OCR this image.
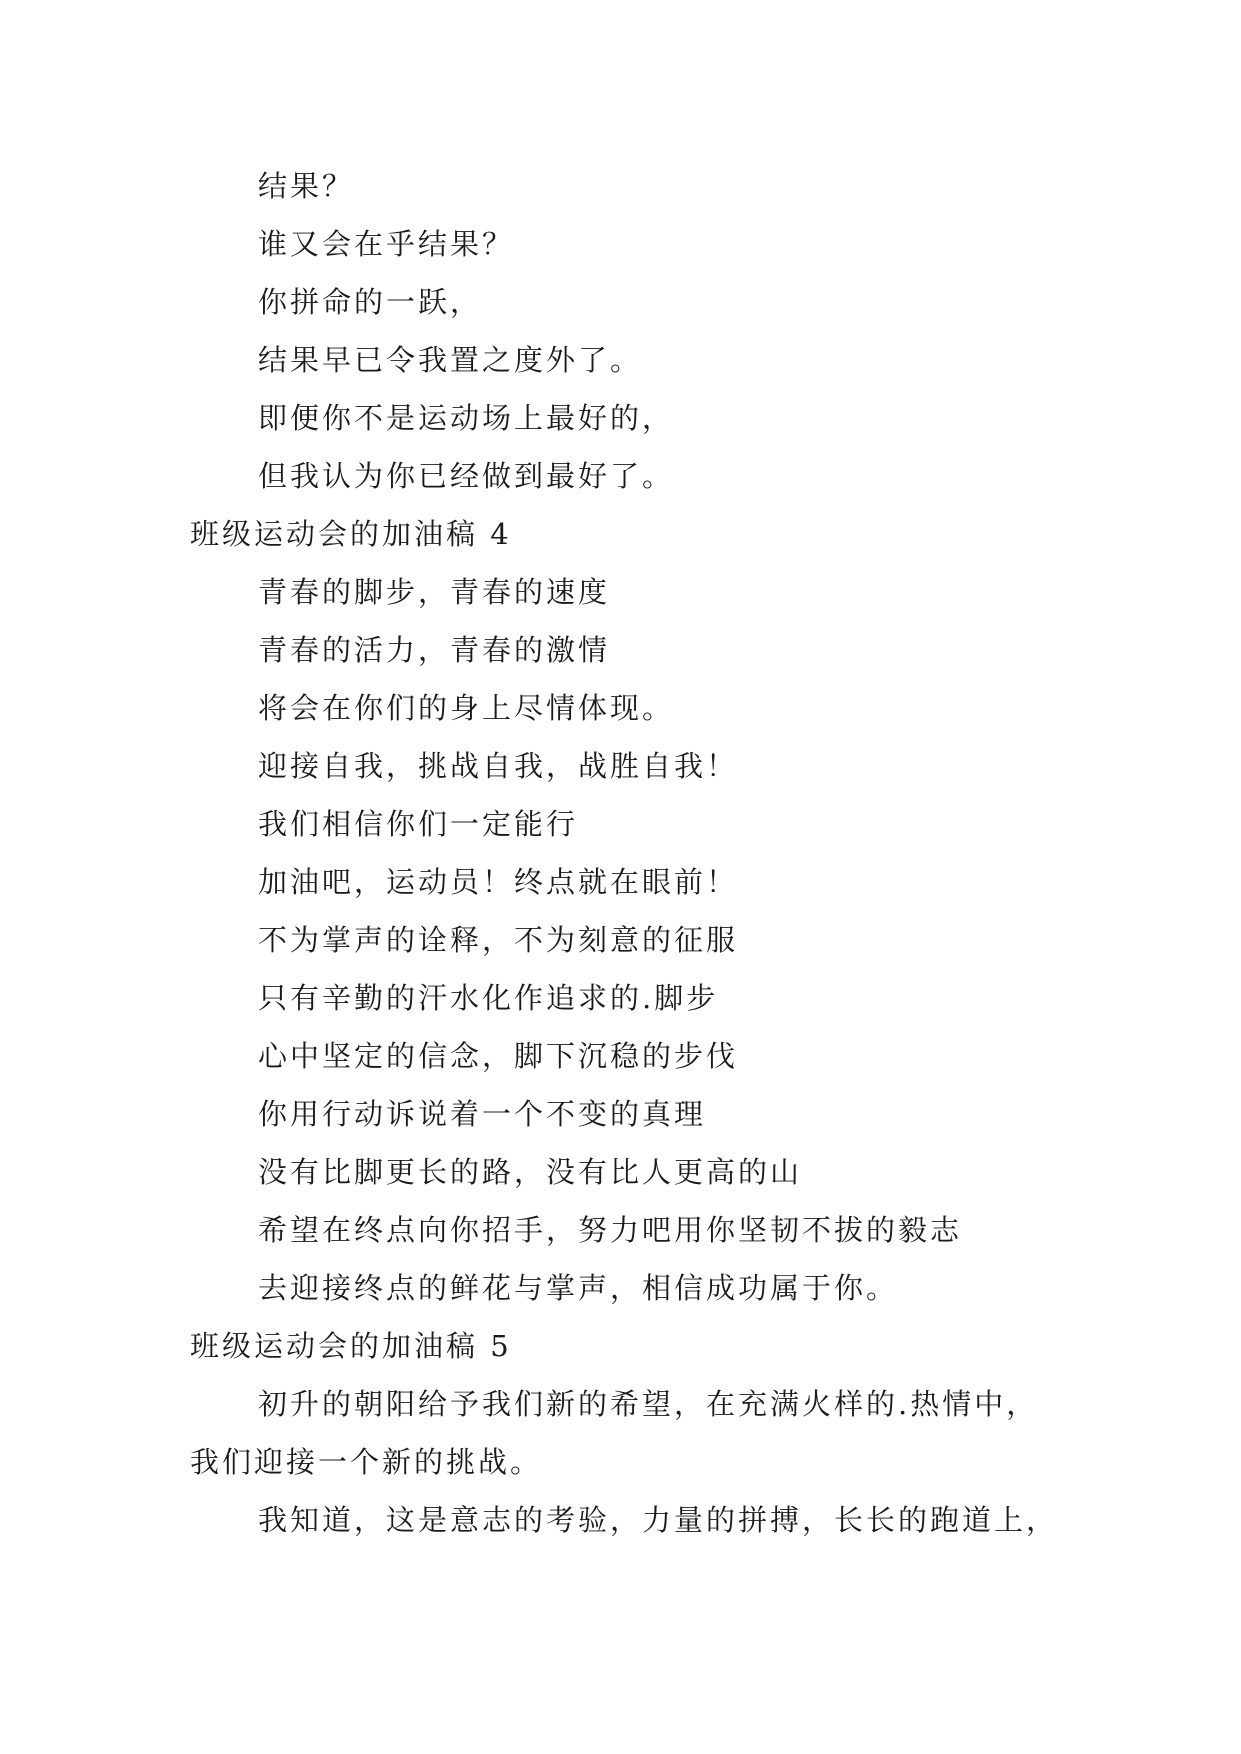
结果？
谁又会在乎结果？
你拼命的一跃，
结果早已令我置之度外了。
即便你不是运动场上最好的，
但我认为你已经做到最好了。
班级运动会的加油稿 4
青春的脚步，青春的速度
青春的活力，青春的激情
将会在你们的身上尽情体现。
迎接自我，挑战自我，战胜自我！
我们相信你们一定能行
加油吧，运动员！终点就在眼前！
不为掌声的诠释，不为刻意的征服
只有辛勤的汗水化作追求的.脚步
心中坚定的信念，脚下沉稳的步伐
你用行动诉说着一个不变的真理
没有比脚更长的路，没有比人更高的山
希望在终点向你招手，努力吧用你坚韧不拔的毅志
去迎接终点的鲜花与掌声，相信成功属于你。
班级运动会的加油稿 5
初升的朝阳给予我们新的希望，在充满火样的.热情中，
我们迎接一个新的挑战。
我知道，这是意志的考验，力量的拼搏，长长的跑道上，
